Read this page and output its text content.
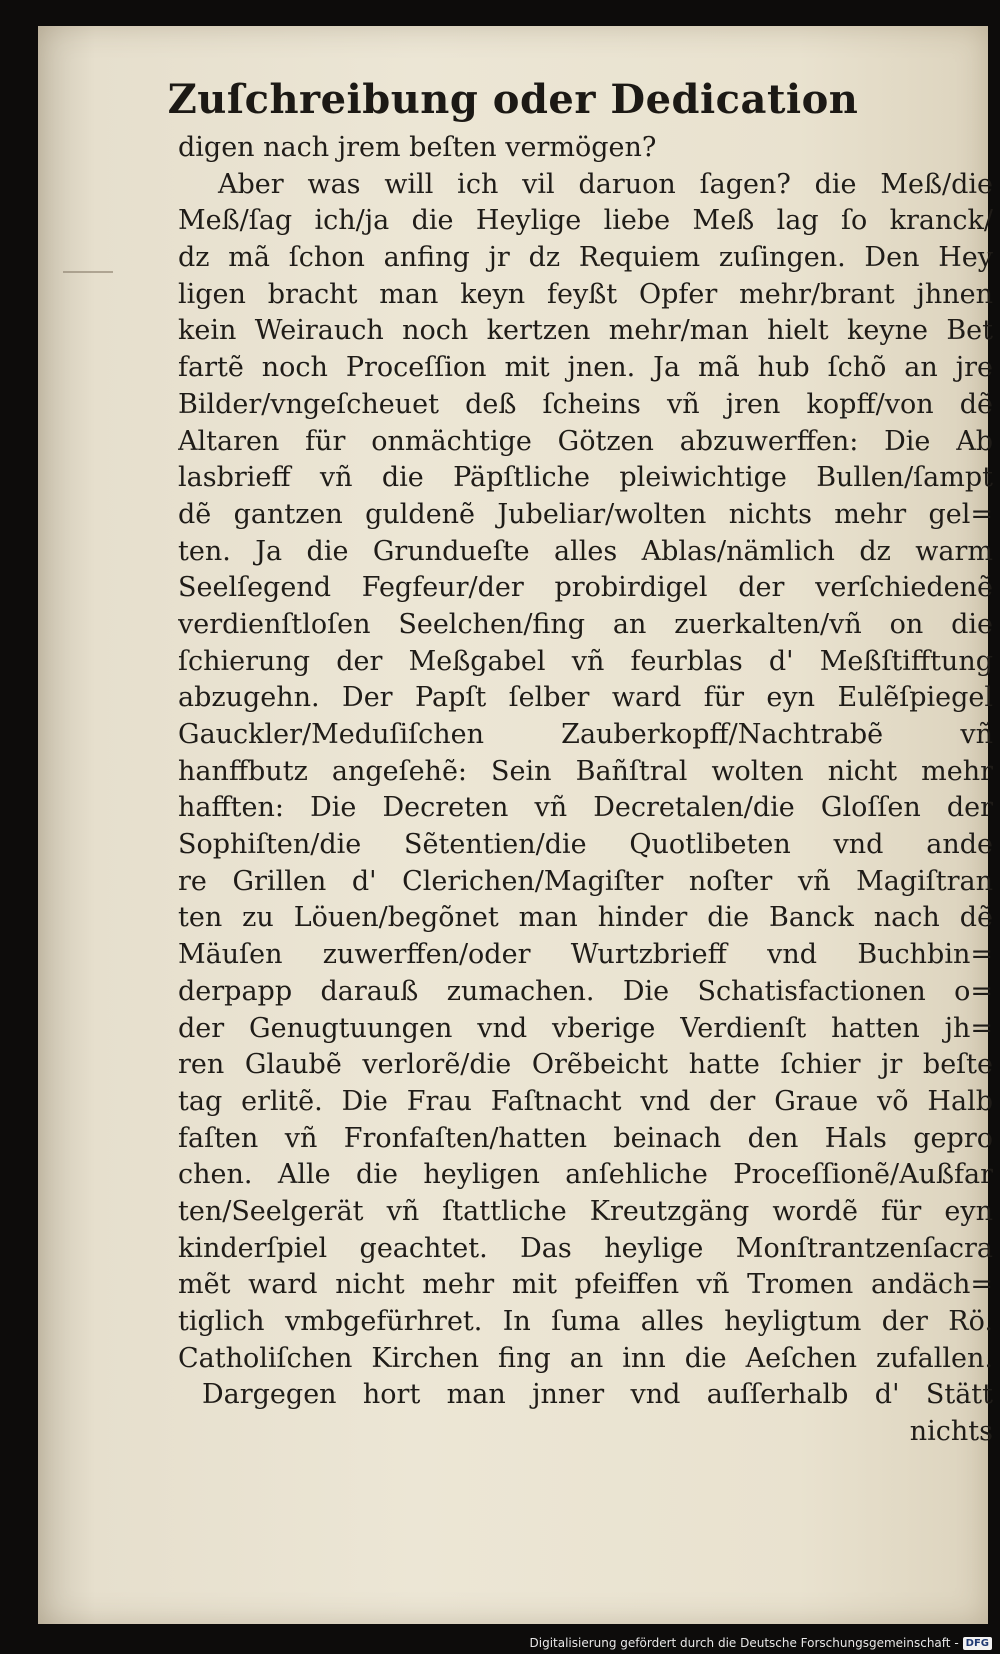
Zuſchreibung oder Dedication
digen nach jrem beſten vermögen?
Aber was will ich vil daruon ſagen? die Meß/die
Meß/ſag ich/ja die Heylige liebe Meß lag ſo kranck/
dz mã ſchon anfing jr dz Requiem zuſingen. Den Hey
ligen bracht man keyn feyßt Opfer mehr/brant jhnen
kein Weirauch noch kertzen mehr/man hielt keyne Bet
fartẽ noch Proceſſion mit jnen. Ja mã hub ſchõ an jre
Bilder/vngeſcheuet deß ſcheins vñ jren kopff/von dẽ
Altaren für onmächtige Götzen abzuwerffen: Die Ab
lasbrieff vñ die Päpſtliche pleiwichtige Bullen/ſampt
dẽ gantzen guldenẽ Jubeliar/wolten nichts mehr gel=
ten. Ja die Grundueſte alles Ablas/nämlich dz warm
Seelſegend Fegfeur/der probirdigel der verſchiedenẽ
verdienſtloſen Seelchen/fing an zuerkalten/vñ on die
ſchierung der Meßgabel vñ feurblas d' Meßſtifftung
abzugehn. Der Papſt ſelber ward für eyn Eulẽſpiegel
Gauckler/Meduſiſchen Zauberkopff/Nachtrabẽ vñ
hanffbutz angeſehẽ: Sein Bañſtral wolten nicht mehr
hafften: Die Decreten vñ Decretalen/die Gloſſen der
Sophiſten/die Sẽtentien/die Quotlibeten vnd ande
re Grillen d' Clerichen/Magiſter noſter vñ Magiſtran
ten zu Löuen/begõnet man hinder die Banck nach dẽ
Mäuſen zuwerffen/oder Wurtzbrieff vnd Buchbin=
derpapp darauß zumachen. Die Schatisfactionen o=
der Genugtuungen vnd vberige Verdienſt hatten jh=
ren Glaubẽ verlorẽ/die Orẽbeicht hatte ſchier jr beſte
tag erlitẽ. Die Frau Faſtnacht vnd der Graue võ Halb
faſten vñ Fronfaſten/hatten beinach den Hals gepro
chen. Alle die heyligen anſehliche Proceſſionẽ/Außfar
ten/Seelgerät vñ ſtattliche Kreutzgäng wordẽ für eyn
kinderſpiel geachtet. Das heylige Monſtrantzenſacra
mẽt ward nicht mehr mit pfeiffen vñ Tromen andäch=
tiglich vmbgefürhret. In ſuma alles heyligtum der Rö.
Catholiſchen Kirchen fing an inn die Aeſchen zufallen.
Dargegen hort man jnner vnd auſſerhalb d' Stätt
nichts
Digitalisierung gefördert durch die Deutsche Forschungsgemeinschaft - DFG
